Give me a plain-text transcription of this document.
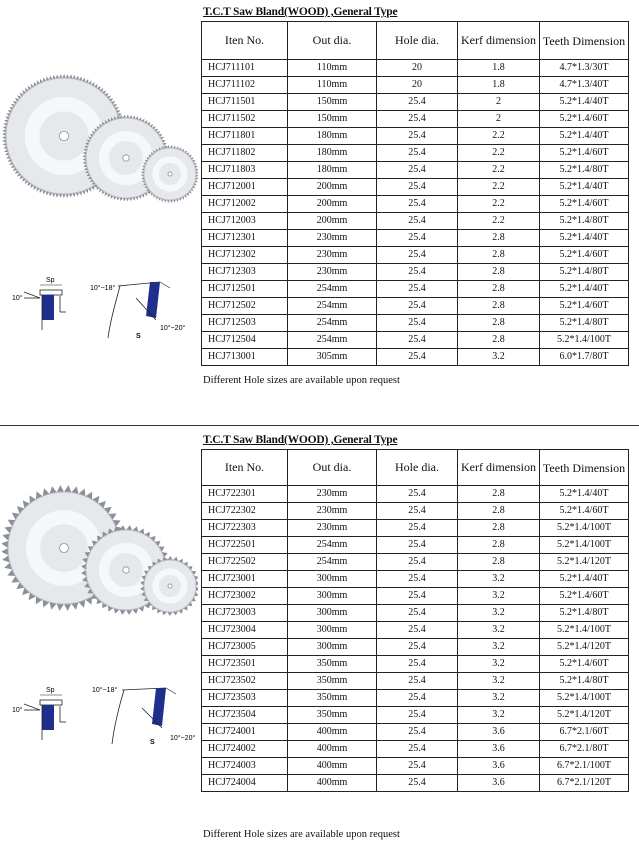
T.C.T Saw Bland(WOOD) ,General Type
10°
Sp
10°~18°
S
10°~20°
Iten No.	Out dia.	Hole dia.	Kerf dimension	Teeth Dimension

HCJ711101	110mm	20	1.8	4.7*1.3/30T
HCJ711102	110mm	20	1.8	4.7*1.3/40T
HCJ711501	150mm	25.4	2	5.2*1.4/40T
HCJ711502	150mm	25.4	2	5.2*1.4/60T
HCJ711801	180mm	25.4	2.2	5.2*1.4/40T
HCJ711802	180mm	25.4	2.2	5.2*1.4/60T
HCJ711803	180mm	25.4	2.2	5.2*1.4/80T
HCJ712001	200mm	25.4	2.2	5.2*1.4/40T
HCJ712002	200mm	25.4	2.2	5.2*1.4/60T
HCJ712003	200mm	25.4	2.2	5.2*1.4/80T
HCJ712301	230mm	25.4	2.8	5.2*1.4/40T
HCJ712302	230mm	25.4	2.8	5.2*1.4/60T
HCJ712303	230mm	25.4	2.8	5.2*1.4/80T
HCJ712501	254mm	25.4	2.8	5.2*1.4/40T
HCJ712502	254mm	25.4	2.8	5.2*1.4/60T
HCJ712503	254mm	25.4	2.8	5.2*1.4/80T
HCJ712504	254mm	25.4	2.8	5.2*1.4/100T
HCJ713001	305mm	25.4	3.2	6.0*1.7/80T
Different Hole sizes are available upon request
T.C.T Saw Bland(WOOD) ,General Type
10°
Sp	10°~18°
S
10°~20°
Iten No.	Out dia.	Hole dia.	Kerf dimension	Teeth Dimension

HCJ722301	230mm	25.4	2.8	5.2*1.4/40T
HCJ722302	230mm	25.4	2.8	5.2*1.4/60T
HCJ722303	230mm	25.4	2.8	5.2*1.4/100T
HCJ722501	254mm	25.4	2.8	5.2*1.4/100T
HCJ722502	254mm	25.4	2.8	5.2*1.4/120T
HCJ723001	300mm	25.4	3.2	5.2*1.4/40T
HCJ723002	300mm	25.4	3.2	5.2*1.4/60T
HCJ723003	300mm	25.4	3.2	5.2*1.4/80T
HCJ723004	300mm	25.4	3.2	5.2*1.4/100T
HCJ723005	300mm	25.4	3.2	5.2*1.4/120T
HCJ723501	350mm	25.4	3.2	5.2*1.4/60T
HCJ723502	350mm	25.4	3.2	5.2*1.4/80T
HCJ723503	350mm	25.4	3.2	5.2*1.4/100T
HCJ723504	350mm	25.4	3.2	5.2*1.4/120T
HCJ724001	400mm	25.4	3.6	6.7*2.1/60T
HCJ724002	400mm	25.4	3.6	6.7*2.1/80T
HCJ724003	400mm	25.4	3.6	6.7*2.1/100T
HCJ724004	400mm	25.4	3.6	6.7*2.1/120T
Different Hole sizes are available upon request
